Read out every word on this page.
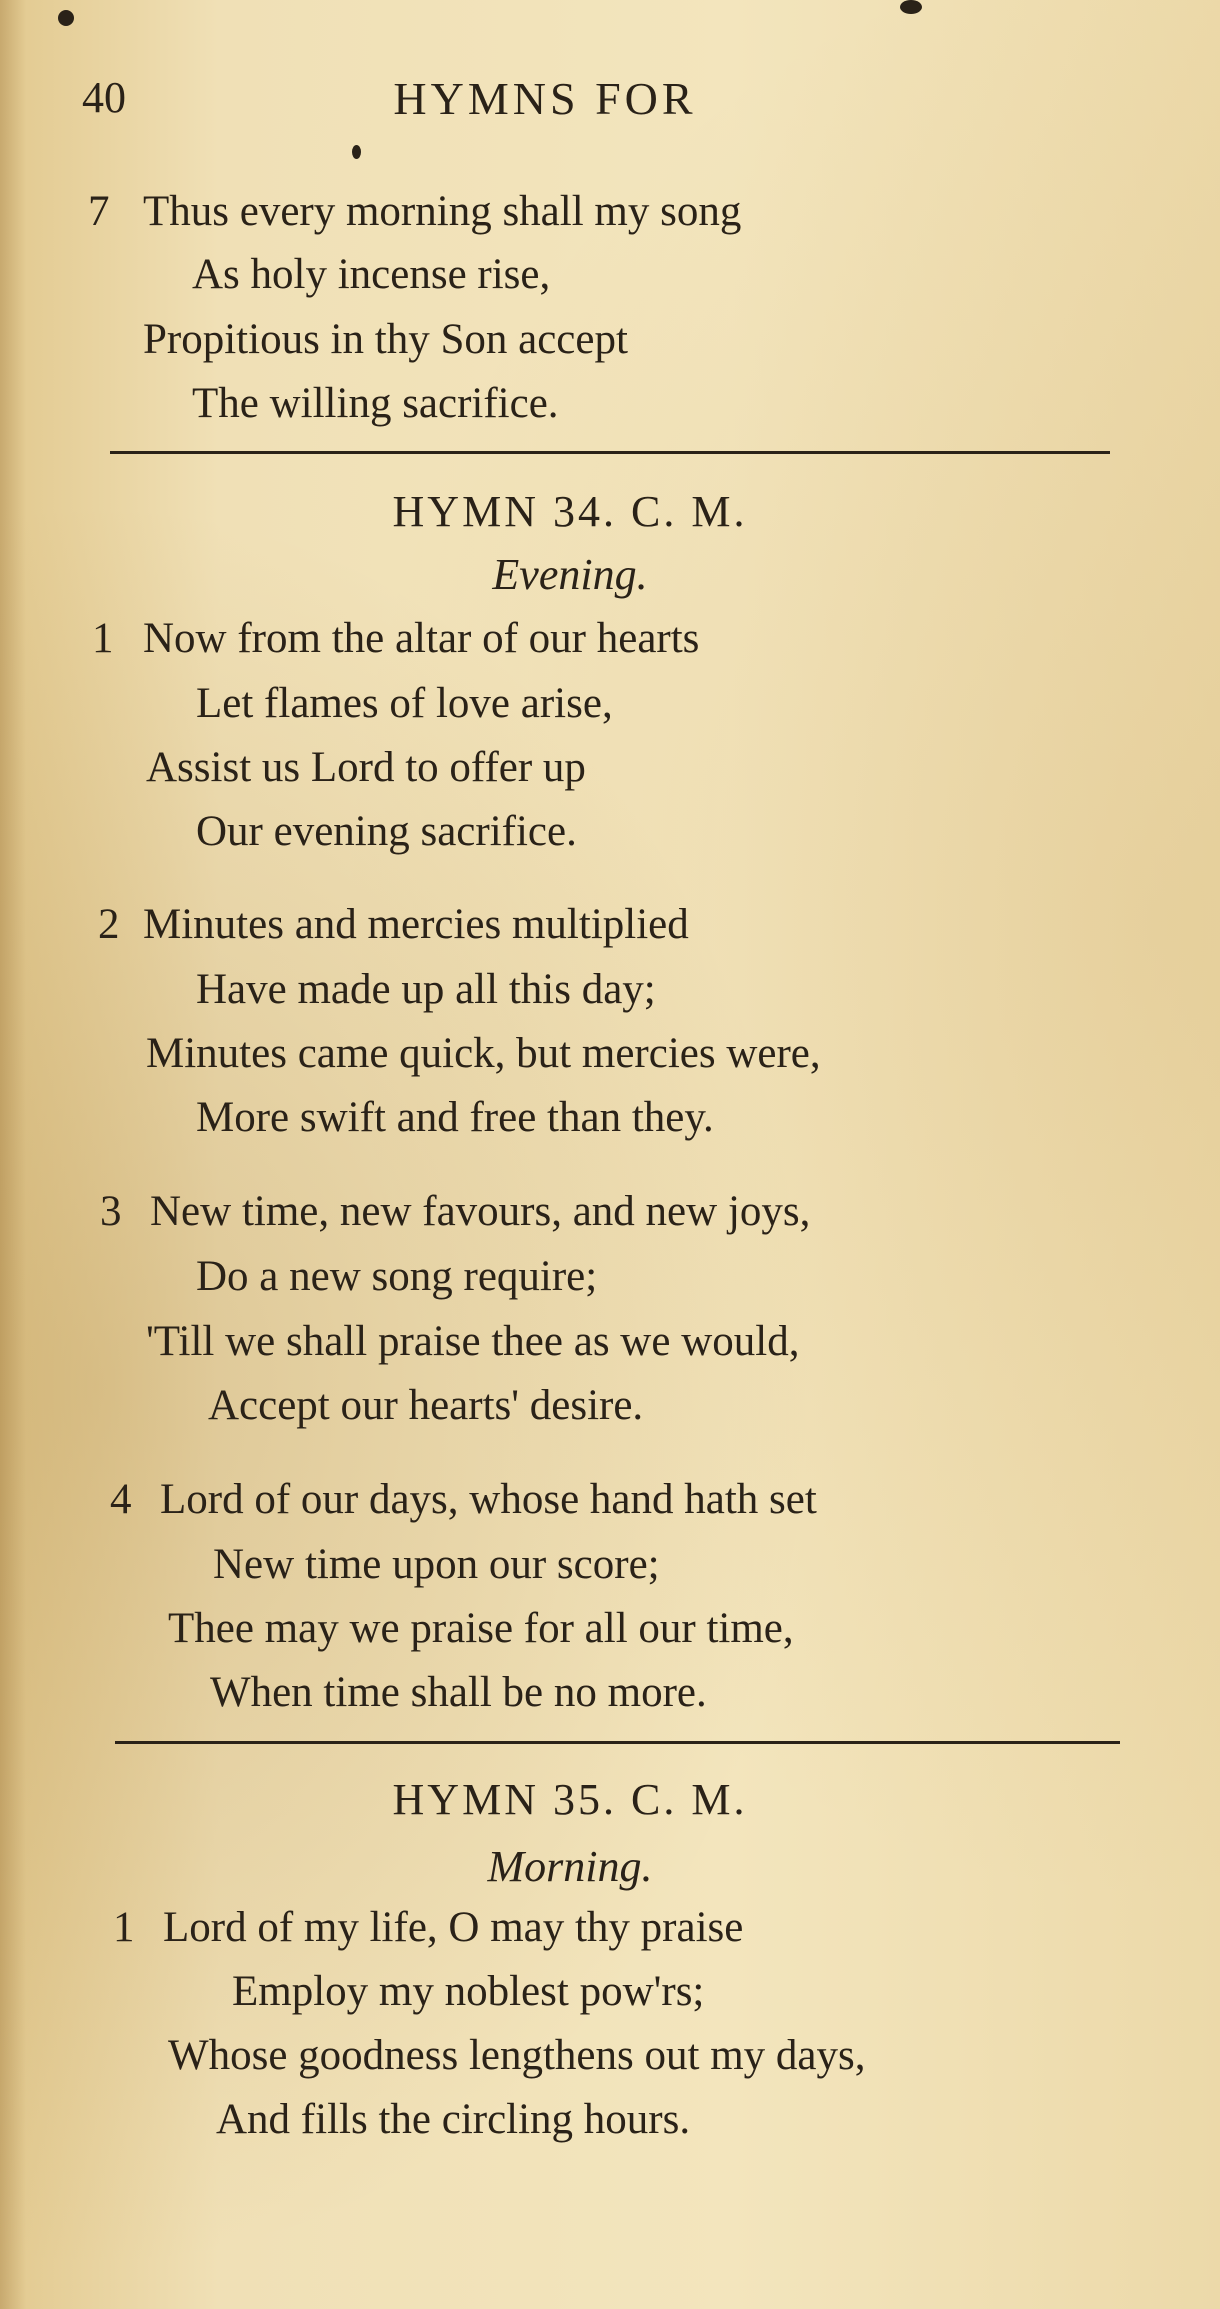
40	HYMNS FOR
7 Thus every morning shall my song
As holy incense rise,
Propitious in thy Son accept
The willing sacrifice.
HYMN 34. C. M.
Evening.
1 Now from the altar of our hearts
Let flames of love arise,
Assist us Lord to offer up
Our evening sacrifice.
2 Minutes and mercies multiplied
Have made up all this day;
Minutes came quick, but mercies were,
More swift and free than they.
3 New time, new favours, and new joys,
Do a new song require;
'Till we shall praise thee as we would,
Accept our hearts' desire.
4 Lord of our days, whose hand hath set
New time upon our score;
Thee may we praise for all our time,
When time shall be no more.
HYMN 35. C. M.
Morning.
1 Lord of my life, O may thy praise
Employ my noblest pow'rs;
Whose goodness lengthens out my days,
And fills the circling hours.
